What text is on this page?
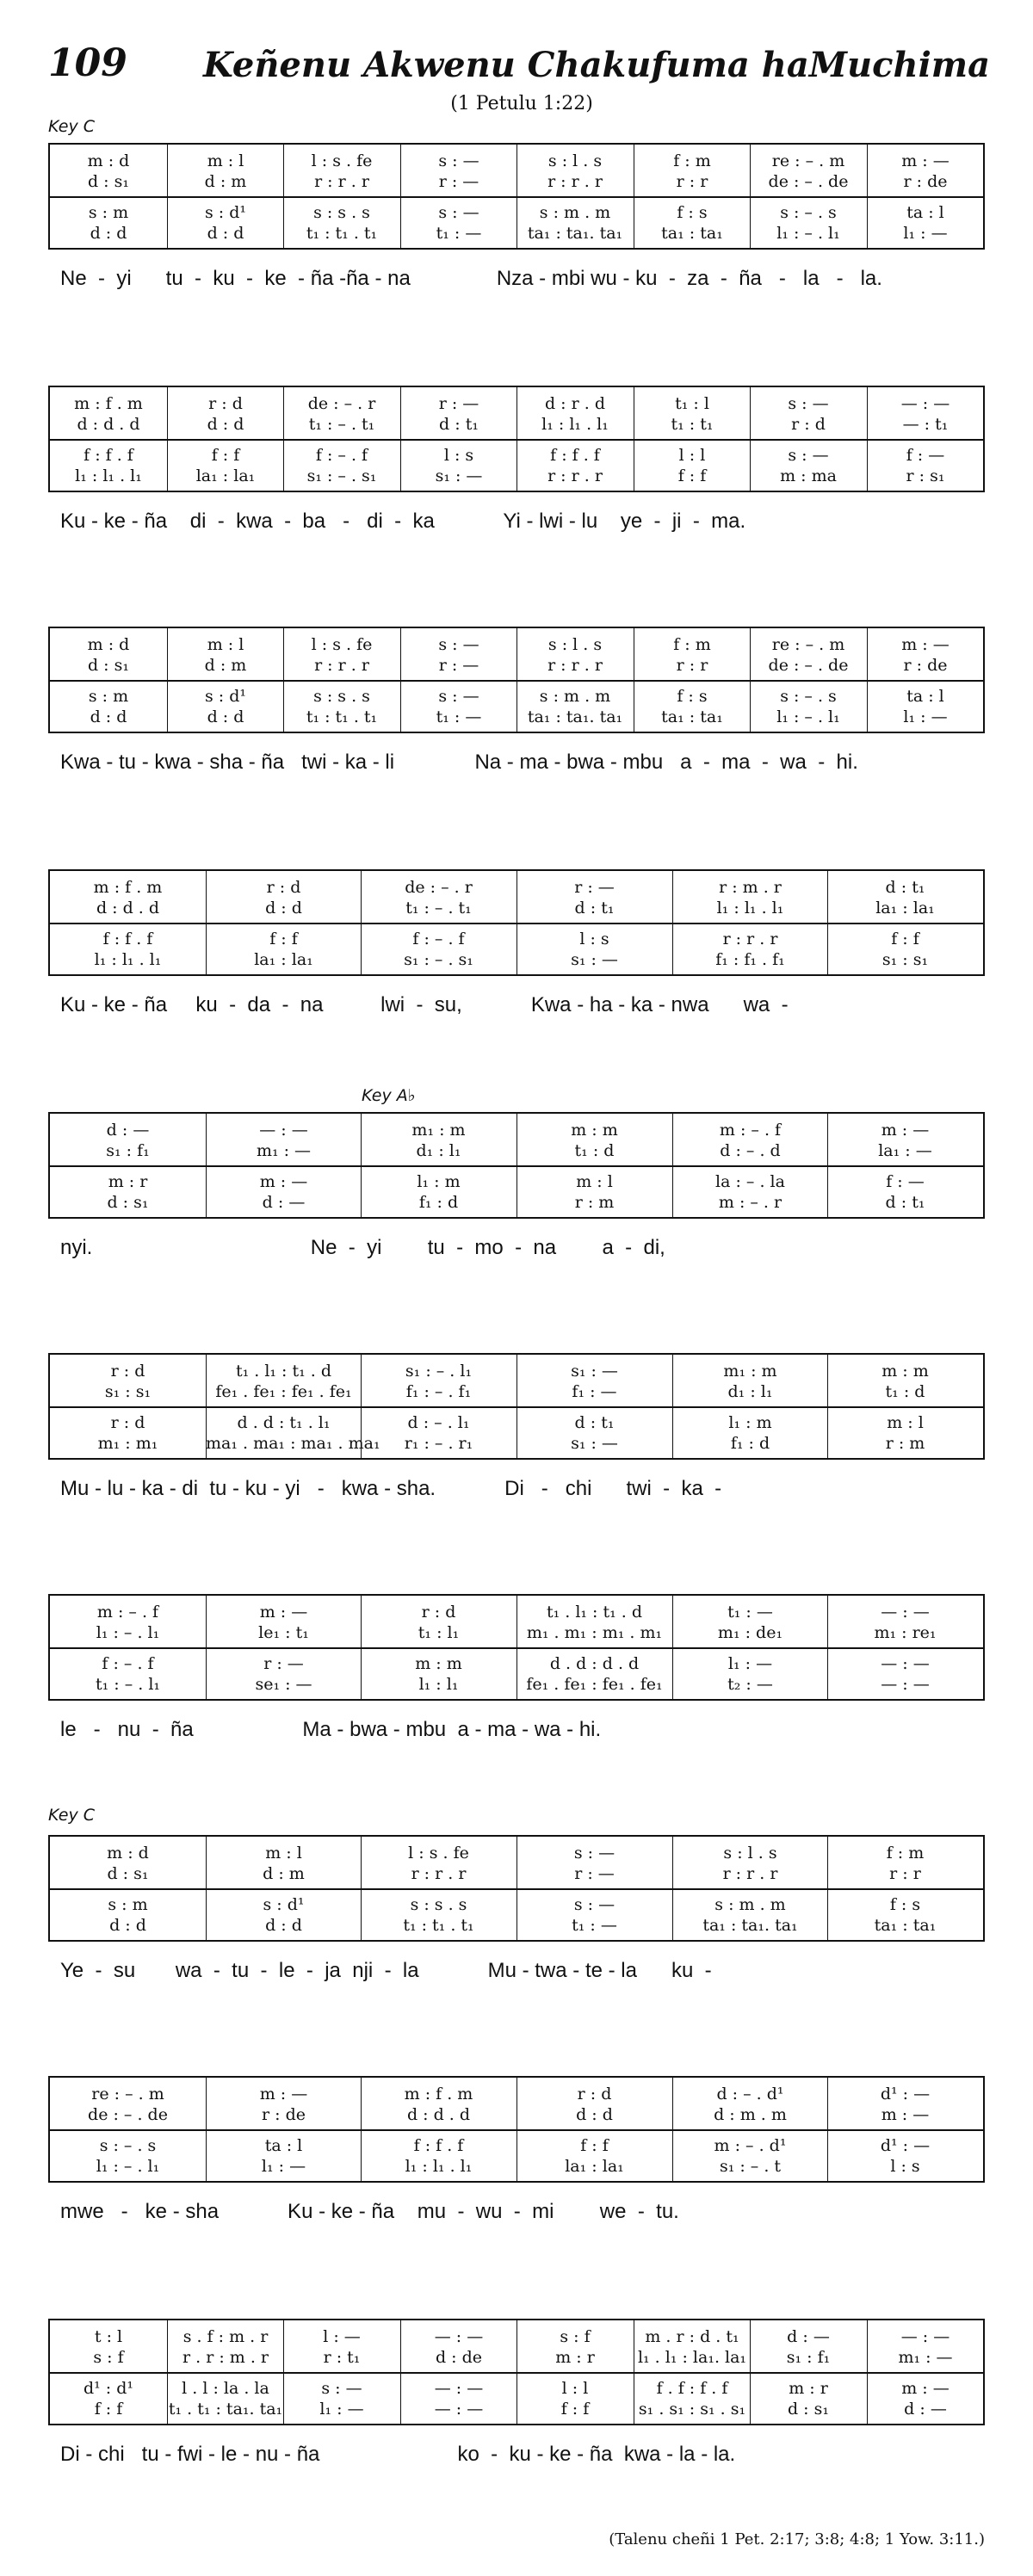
109 Keñenu Akwenu Chakufuma haMuchima
(1 Petulu 1:22)
Key C
Key A♭
Key C
m : d	m : l	l : s . fe	s : —	s : l . s	f : m	re : – . m	m : —
d : s₁	d : m	r : r . r	r : —	r : r . r	r : r	de : – . de	r : de
s : m	s : d¹	s : s . s	s : —	s : m . m	f : s	s : – . s	ta : l
d : d	d : d	t₁ : t₁ . t₁	t₁ : —	ta₁ : ta₁. ta₁	ta₁ : ta₁	l₁ : – . l₁	l₁ : —
Ne  -  yi      tu  -  ku  -  ke  - ña -ña - na               Nza - mbi wu - ku  -  za  -  ña   -   la   -   la.
m : f . m	r : d	de : – . r	r : —	d : r . d	t₁ : l	s : —	— : —
d : d . d	d : d	t₁ : – . t₁	d : t₁	l₁ : l₁ . l₁	t₁ : t₁	r : d	— : t₁
f : f . f	f : f	f : – . f	l : s	f : f . f	l : l	s : —	f : —
l₁ : l₁ . l₁	la₁ : la₁	s₁ : – . s₁	s₁ : —	r : r . r	f : f	m : ma	r : s₁
Ku - ke - ña    di  -  kwa  -  ba   -   di  -  ka            Yi - lwi - lu    ye  -  ji  -  ma.
m : d	m : l	l : s . fe	s : —	s : l . s	f : m	re : – . m	m : —
d : s₁	d : m	r : r . r	r : —	r : r . r	r : r	de : – . de	r : de
s : m	s : d¹	s : s . s	s : —	s : m . m	f : s	s : – . s	ta : l
d : d	d : d	t₁ : t₁ . t₁	t₁ : —	ta₁ : ta₁. ta₁	ta₁ : ta₁	l₁ : – . l₁	l₁ : —
Kwa - tu - kwa - sha - ña   twi - ka - li              Na - ma - bwa - mbu   a  -  ma  -  wa  -  hi.
m : f . m	r : d	de : – . r	r : —	r : m . r	d : t₁
d : d . d	d : d	t₁ : – . t₁	d : t₁	l₁ : l₁ . l₁	la₁ : la₁
f : f . f	f : f	f : – . f	l : s	r : r . r	f : f
l₁ : l₁ . l₁	la₁ : la₁	s₁ : – . s₁	s₁ : —	f₁ : f₁ . f₁	s₁ : s₁
Ku - ke - ña     ku  -  da  -  na          lwi  -  su,            Kwa - ha - ka - nwa      wa  -
d : —	— : —	m₁ : m	m : m	m : – . f	m : —
s₁ : f₁	m₁ : —	d₁ : l₁	t₁ : d	d : – . d	la₁ : —
m : r	m : —	l₁ : m	m : l	la : – . la	f : —
d : s₁	d : —	f₁ : d	r : m	m : – . r	d : t₁
nyi.                                      Ne  -  yi        tu  -  mo  -  na        a  -  di,
r : d	t₁ . l₁ : t₁ . d	s₁ : – . l₁	s₁ : —	m₁ : m	m : m
s₁ : s₁	fe₁ . fe₁ : fe₁ . fe₁	f₁ : – . f₁	f₁ : —	d₁ : l₁	t₁ : d
r : d	d . d : t₁ . l₁	d : – . l₁	d : t₁	l₁ : m	m : l
m₁ : m₁	ma₁ . ma₁ : ma₁ . ma₁	r₁ : – . r₁	s₁ : —	f₁ : d	r : m
Mu - lu - ka - di  tu - ku - yi   -   kwa - sha.            Di   -   chi      twi  -  ka  -
m : – . f	m : —	r : d	t₁ . l₁ : t₁ . d	t₁ : —	— : —
l₁ : – . l₁	le₁ : t₁	t₁ : l₁	m₁ . m₁ : m₁ . m₁	m₁ : de₁	m₁ : re₁
f : – . f	r : —	m : m	d . d : d . d	l₁ : —	— : —
t₁ : – . l₁	se₁ : —	l₁ : l₁	fe₁ . fe₁ : fe₁ . fe₁	t₂ : —	— : —
le   -   nu  -  ña                   Ma - bwa - mbu  a - ma - wa - hi.
m : d	m : l	l : s . fe	s : —	s : l . s	f : m
d : s₁	d : m	r : r . r	r : —	r : r . r	r : r
s : m	s : d¹	s : s . s	s : —	s : m . m	f : s
d : d	d : d	t₁ : t₁ . t₁	t₁ : —	ta₁ : ta₁. ta₁	ta₁ : ta₁
Ye  -  su       wa  -  tu  -  le  -  ja  nji  -  la            Mu - twa - te - la      ku  -
re : – . m	m : —	m : f . m	r : d	d : – . d¹	d¹ : —
de : – . de	r : de	d : d . d	d : d	d : m . m	m : —
s : – . s	ta : l	f : f . f	f : f	m : – . d¹	d¹ : —
l₁ : – . l₁	l₁ : —	l₁ : l₁ . l₁	la₁ : la₁	s₁ : – . t	l : s
mwe   -   ke - sha            Ku - ke - ña    mu  -  wu  -  mi        we  -  tu.
t : l	s . f : m . r	l : —	— : —	s : f	m . r : d . t₁	d : —	— : —
s : f	r . r : m . r	r : t₁	d : de	m : r	l₁ . l₁ : la₁. la₁	s₁ : f₁	m₁ : —
d¹ : d¹	l . l : la . la	s : —	— : —	l : l	f . f : f . f	m : r	m : —
f : f	t₁ . t₁ : ta₁. ta₁	l₁ : —	— : —	f : f	s₁ . s₁ : s₁ . s₁	d : s₁	d : —
Di - chi   tu - fwi - le - nu - ña                        ko  -  ku - ke - ña  kwa - la - la.
(Talenu cheñi 1 Pet. 2:17; 3:8; 4:8; 1 Yow. 3:11.)
